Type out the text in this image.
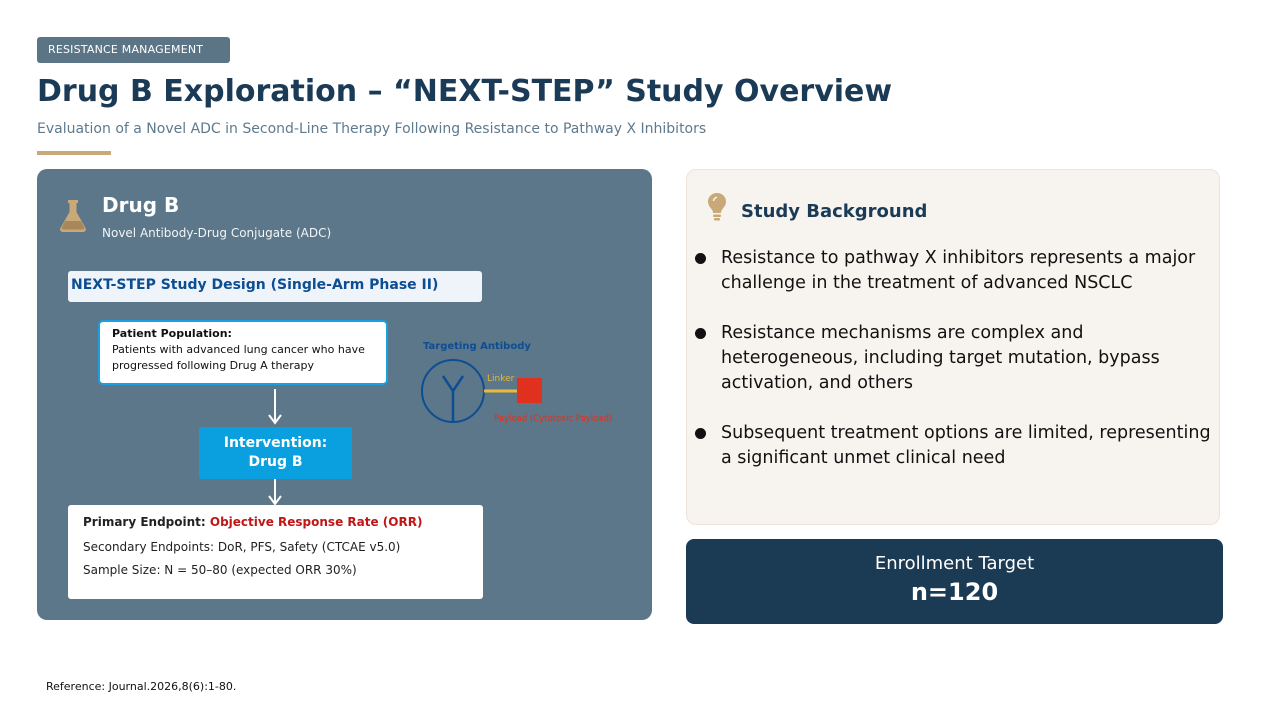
RESISTANCE MANAGEMENT
Drug B Exploration – “NEXT-STEP” Study Overview
Evaluation of a Novel ADC in Second-Line Therapy Following Resistance to Pathway X Inhibitors
Drug B
Novel Antibody-Drug Conjugate (ADC)
NEXT-STEP Study Design (Single-Arm Phase II)
Patient Population:
Patients with advanced lung cancer who have progressed following Drug A therapy
Intervention:
Drug B
Primary Endpoint: Objective Response Rate (ORR)
Secondary Endpoints: DoR, PFS, Safety (CTCAE v5.0)
Sample Size: N = 50–80 (expected ORR 30%)
Targeting Antibody
Linker
Payload (Cytotoxic Payload)
Study Background
Resistance to pathway X inhibitors represents a major challenge in the treatment of advanced NSCLC
Resistance mechanisms are complex and heterogeneous, including target mutation, bypass activation, and others
Subsequent treatment options are limited, representing a significant unmet clinical need
Enrollment Target
n=120
Reference: Journal.2026,8(6):1-80.
